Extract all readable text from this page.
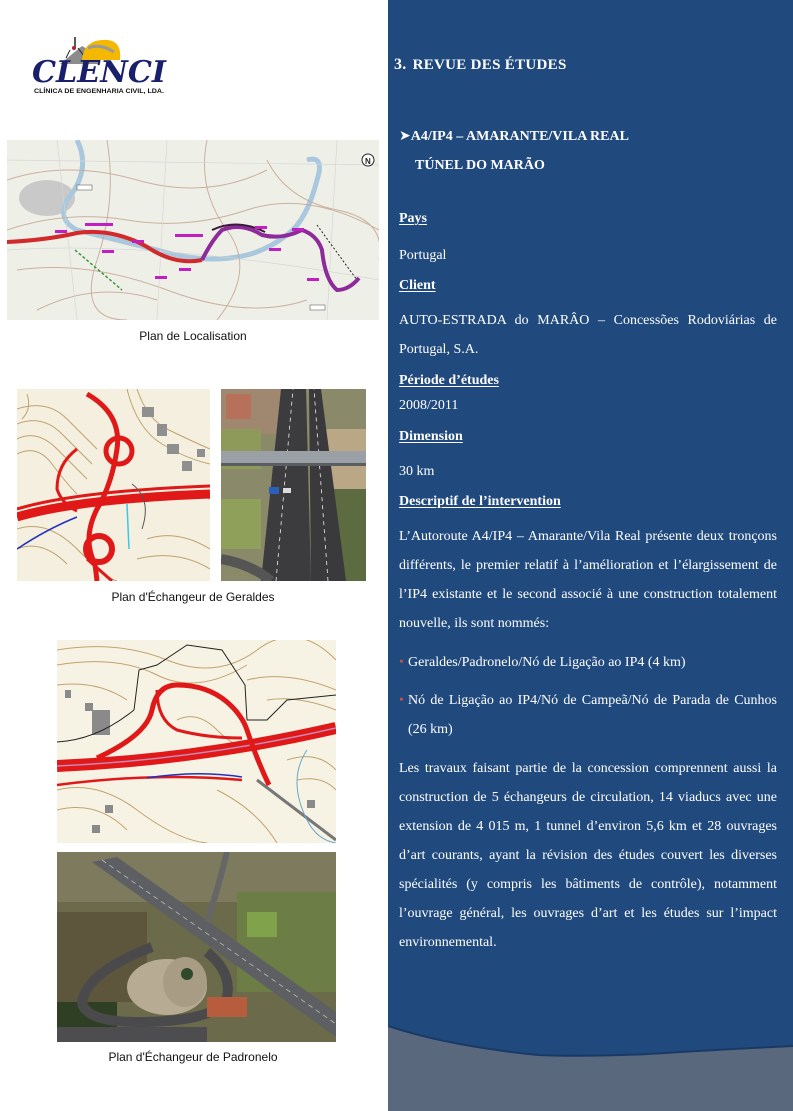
CLENCI
CLÍNICA DE ENGENHARIA CIVIL, LDA.
N
Plan de Localisation
Plan d'Échangeur de Geraldes
Plan d'Échangeur de Padronelo
3. REVUE DES ÉTUDES
➤A4/IP4 – AMARANTE/VILA REAL
TÚNEL DO MARÃO
Pays
Portugal
Client
AUTO-ESTRADA do MARÂO – Concessões Rodoviárias de Portugal, S.A.
Période d’études
2008/2011
Dimension
30 km
Descriptif de l’intervention
L’Autoroute A4/IP4 – Amarante/Vila Real présente deux tronçons différents, le premier relatif à l’amélioration et l’élargissement de l’IP4 existante et le second associé à une construction totalement nouvelle, ils sont nommés:
• Geraldes/Padronelo/Nó de Ligação ao IP4 (4 km)
• Nó de Ligação ao IP4/Nó de Campeã/Nó de Parada de Cunhos (26 km)
Les travaux faisant partie de la concession comprennent aussi la construction de 5 échangeurs de circulation, 14 viaducs avec une extension de 4 015 m, 1 tunnel d’environ 5,6 km et 28 ouvrages d’art courants, ayant la révision des études couvert les diverses spécialités (y compris les bâtiments de contrôle), notamment l’ouvrage général, les ouvrages d’art et les études sur l’impact environnemental.
